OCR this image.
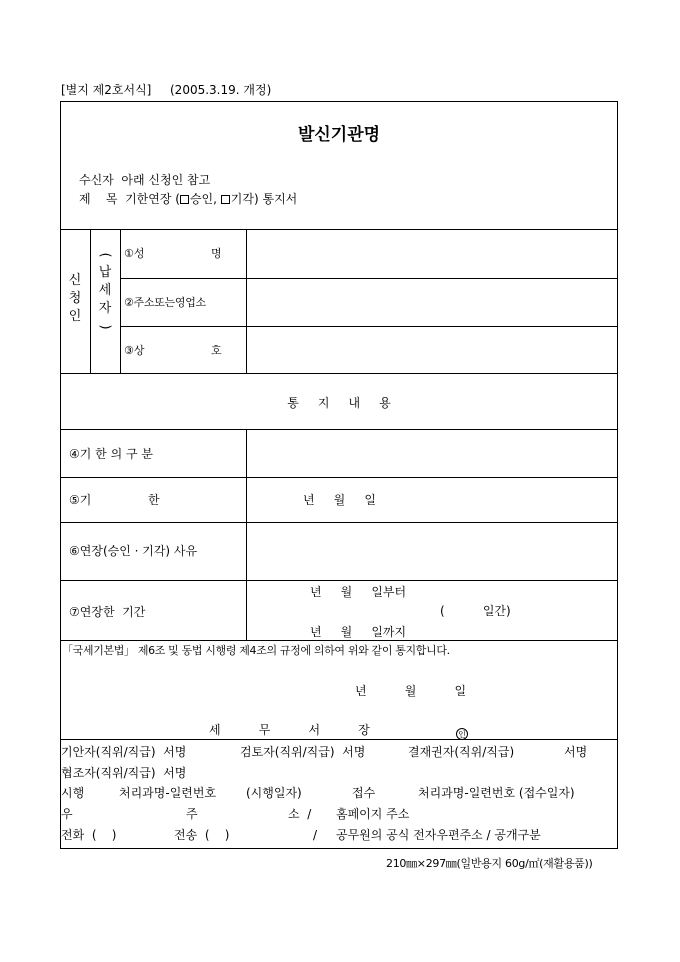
[별지 제2호서식] (2005.3.19. 개정)
발신기관명
수신자  아래 신청인 참고
제    목 기한연장 ( 승인, 기각) 통지서
신
청
인
(
납
세
자
)
①성	명
②주소또는영업소
③상	호
통     지     내     용
④기 한 의 구 분
⑤기	한	년     월     일
⑥연장(승인 · 기각) 사유
⑦연장한  기간
년     월     일부터
(          일간)
년     월     일까지
「국세기본법」 제6조 및 동법 시행령 제4조의 규정에 의하여 위와 같이 통지합니다.
년          월          일
세          무          서          장	인
기안자(직위/직급)  서명	검토자(직위/직급)  서명	결재권자(직위/직급)	서명
협조자(직위/직급)  서명
시행	처리과명-일련번호 (시행일자)	접수	처리과명-일련번호 (접수일자)
우	주	소  / 홈페이지 주소
전화  (    )	전송  (    )	/ 공무원의 공식 전자우편주소 / 공개구분
210㎜×297㎜(일반용지 60g/㎡(재활용품))
